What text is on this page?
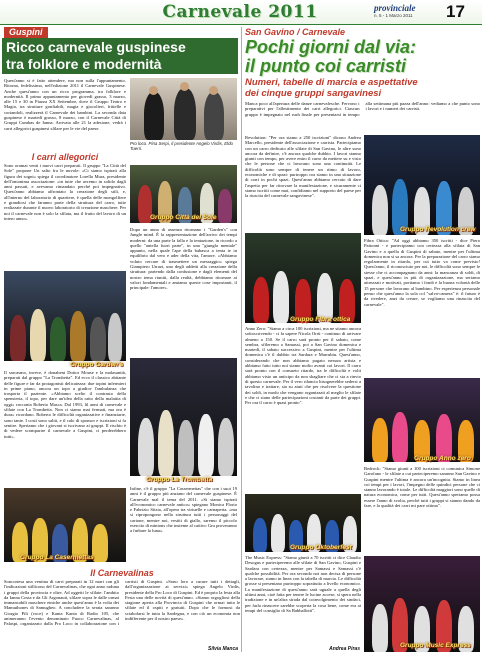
Carnevale 2011	provinciale
n. 5 - 1 Marzo 2011 17
Guspini
Ricco carnevale guspinese
tra folklore e modernità
Quest'anno si è fatto attendere, ma non sulla l'appuntamento. Ritorna, fedelissimo, nell'edizione 2011 il Carnevale Guspinese. Anche quest'anno con un ricco programma, tra folklore e modernità. Il primo appuntamento per giovedì grasso, 3 marzo, alle 15 e 30 in Piazza XX Settembre, dove il Gruppo Teatro e Magia, tra strutture gonfiabili, magia e giocolieri, frittelle e coriandoli, realizzerà il Carnevale dei bambini. La seconda data guspinese è martedì grasso, 8 marzo, con il Carnevale Città di Gruppi Cumbas de Ianna. Arrivata alle 21 la adesione, vedrà i carri allegorici guspinesi sfilare per le vie del paese.
Pro loco. Pina Serpi, il presidente Angelo Virdis, Eldo Tuerri.
I carri allegorici
Sono oramai venti i nuovi carri preparati. Il gruppo "La Città del Sole" propone Un salto fra le nuvole: «Ci siamo ispirati alla figura dei sogni» spiega il coordinatore Lorella Mura, presidente dell'omonima associazione: «in tutte che avremo in solido dagli anni passati, e avevamo rimandato perché poi impegnativo. Quest'anno abbiamo affrontato la creazione degli stili, e, all'interno del laboratorio di quartiere, è quella delle mongolfiere e grandiosi che faranno parte della struttura del carro, tutte realizzate durante il nuovo laboratorio di creazione maschere. Per noi il carnevale non è solo la sfilata, ma il frutto del lavoro di un intero anno».	Gruppo Città del Sole
Dopo un anno di assenza ritornano i "Garden's" con Jungle mind. È la rappresentazione dell'arrivo dei tempi moderni: da una parte la falla e la tentazione, in ricordo a quello "antella fuori parte", in una "giungla mentale" appunto, nella quale l'ape della babasca a tenta te in equilibrio dal vero e ader della vita, l'amore. «Abbiamo voluto cercare di trasmettere un messaggio» spiega Giampiero Urrazi, uno degli addetti alla creazione della struttura: partendo dalla confusione e dagli elementi del nostro tema riuniti, dalla realtà, debbiamo ritornare ai valori fondamentali e amiamo queste cose importanti, il principale: l'amore».
Gruppo Garden's
Il sarcasmo, invece, è donabeni Dottor Mouse e la malasanità, preparati dal gruppo "La Trombetta". Ed ecco il classico abitante delle figure e far da protagonisti delicatezza: due topini infermieri in prime piano, ancora un topo a giudice l'ambulanza che trasporta il paziente. «Abbiamo scelto il contrasto della spensieria, il topo, per dare un'idea della ratto della malattia di oggi» racconta Roberto Masca. Dal 1993, lil anni di carnevale e sfilate con La Trombetta. Non ci siamo mai fermati, ma ora è dura» ricordano. Roberto le difficoltà organizzative e finanziarie, sono tante. I costi sono saliti, e il calo di sponsor e iscrizioni si fa sentire. Speriamo che i giovani si iscrivano ai gruppi. Il rischio è di vedere scomparire il carnevale a Guspini, ci perderebbero tutti».
Gruppo La Trombetta
Infine, c'è il gruppo "La Cassermettas" che con i suoi 19 anni è il gruppo più anziano del carnevale guspinese. È Carnevale mal il tema del 2011. «Si siamo ispirati all'economico carnevale antico» spiegano Monica Florio e Fabrizio Sitzia, all'opera tra virtuelle e carnaperta. «ma si ripropongono nella struttura tutti i personaggi del cartone, mentre noi, vestiti di giallo, saremo il piccolo esercito di minions che insieme al cattivo Gru proveranno a furbare la luna».
Gruppo La Casermettas
Il Carnevalinas
Soncortesa una ventina di carri preparati in 12 mari con gli l'indicazioni stillicono del Carnevalinas, che ogni anno raduna i gruppi della provincia e oltre. Ad oggetti le sfilate: l'ambito da Ianna Costa e da Gli Argonauti, sfilare sopra le dalle ormai immancabili maschere etniche anche quest'anno è la volta dei Mamuthones di Samugheo. A concludere la serata saranno Giorgio Pili (voce) e Kanta Kanta di Radio 105, che animeranno l'evento denominato Fuoco Carnevalinas, al Palaspi, organizzato dalla Pro Loco in collaborazione con i carristi di Guspini. «Sono loro a curare tutti i dettagli, dall'organizzazione ai servizi» spiega Angelo Virdis, presidente della Pro Loco di Guspini. Ed è proprio la festa alla Festa una delle novità di quest'anno. «Siamo orgogliosi della stagione aperta alla Provincia di Guspini che ormai tutta le sfilate ed il ospiti e gratuiti. Dopo che le formosi da sciabolarsi le tutta la Sardegna, e con ciò un economia non indifferente per il nostro paese».
Silvia Manca
San Gavino / Carnevale
Pochi giorni dal via:
il punto coi carristi
Numeri, tabelle di marcia e aspettative
dei cinque gruppi sangavinesi
Manca poco all'apertura delle danze carnevalesche. Fervono i preparativi per l'allestimento dei carri allegorici. Ciascun gruppo è impegnato nel rush finale per presentarsi in tempo alla settimana più pazza dell'anno: vediamo a che punto sono i lavori e i numeri dei carristi.
Revolution: "Per ora siamo a 250 iscrizioni" dicono Andrea Marcello, presidente dell'associazione e carrista. Partecipiamo con un carro dedicato alle sfilate di San Gavino, le altre sono ancora da definire, c'è ancora qualche dubbio. I lavori stanno giunti con tempo, per avere entro il carro da mettere su e visto che le persone che ci lavorano sono una continuità. Le difficoltà sono sempre di tenere un ritmo di lavoro, economiche e di spazi: purtroppo ora siamo in una situazione di carri in pochi spazi. Quest'anno abbiamo cercato di dare l'aspetto per far ritrovare la manifestazione, e sicuramente ci siamo iscritti come mai, confidiamo nel supporto del paese per la riuscita del carnevale sangavinese".
Gruppo Revolution crew
Gruppo Fibra ottica
Fibra Ottica: "Ad oggi abbiamo 350 iscritti - dice Piero Pattonni - e partecipiamo con certezza alla sfilata di San Gavino e a quella di Guspini di sabato, mentre per l'ultima domenica non si sa ancora. Per la preparazione del carro siamo regolarmente in ritardo, per cui tutto va come previsto! Quest'anno, il riconosciuto per noi, le difficoltà sono sempre le stesse che ci accompagnano da anni: la mancanza di soldi, di spazi, e quest'anno in più di organizzazione, ma seriamo attrezzati e motivati, portiamo i fondi e la buona volontà delle 15 persone che lavorano al bambino. Per esperienza personale penso che quest'anno la sola col "salva-camera" è: il futuro è da rivedere, anzi da creare, se vogliamo una rinascita del carnevale".
Anno Zero: "Siamo a circa 100 iscrizioni, ma ne stiamo ancora sottoscrivendo - ci fa sapere Nicola Orrù - continuo di arrivare almeno a 150. Se il carro sarà pronto per il sabato, come sembra, sfileremo a Samassi, poi a San Gavino domenica e martedì, il sabato successivo a Guspini, mentre per l'ultima domenica c'è il dubbio tra Sardara e Marrubiu. Quest'anno, considerando che non abbiamo pagato nessun artista e abbiamo fatto tutto noi siamo molto avanti coi lavori. Il carro sarà pronto con il consueto ritardo, tra le difficoltà e volti abbiamo visto un anticipo da non sbagliare che ci sia a rinvio di questo carnevale. Per il vero rilancio bisognerebbe sedersi a tavolino e trattare, sia su aiuti che per risolvere la questione dei soldi, in modo che vengano organizzati al meglio le sfilate e che ci siano delle partecipazioni costanti da parte dei gruppi. Per ora il carro è quasi pronto".
Gruppo Anno zero
Gruppo Oktoberfest
Bedrock: "Siamo giunti a 100 iscrizioni ci comunica Simone Garofano - le sfilate a cui parteciperemo saranno San Gavino e Guspini mentre l'ultima è ancora un'incognita. Siamo in linea coi tempi per i lavori, l'impegno delle quindici persone che ci stanno lavorando è totale. Le difficoltà maggiori sono quelle di natura economica, come per tutti. Quest'anno speriamo possa essere l'anno di svolta, perché tutti i gruppi si stanno dando da fare, e la qualità dei carri mi pare ottima".
The Music Express: "Siamo giunti a 70 iscritti ci dice Claudio Desogus e parteciperemo alle sfilate di San Gavino, Guspini e Sardara con certezza, mentre per Samassi e Samassi c'è qualche possibilità. Per ora secondo noi non decisa di persone a lavorare, siamo in linea con la tabella di marcia. Le difficoltà grosse si presentano purtroppo soprattutto a livello economico. La manifestazione di quest'anno sarà uguale a quella degli ultimi anni, cioè fatta per tenere le lucine accese, si spera nella tradizione e in un'altra strada dal coinvolgimento dei sindaci, per farla rinascere sarebbe scoperta la cosa bene, come era ai tempi del consiglio di Sa Babballotti".
Andrea Piras	Gruppo Music Express
